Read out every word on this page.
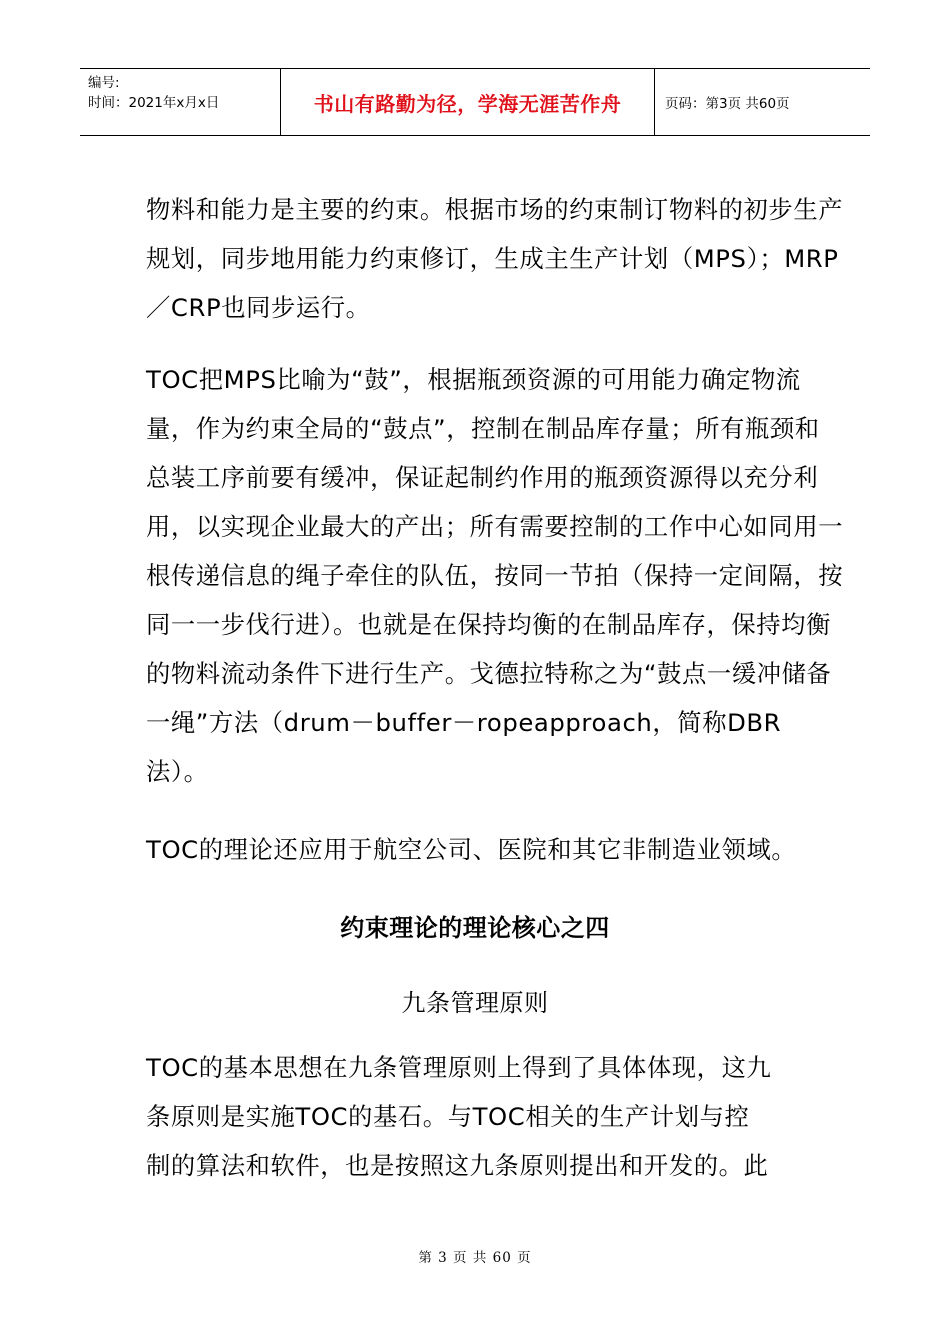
编号:
时间：2021年x月x日	书山有路勤为径，学海无涯苦作舟	页码：第3页 共60页

物料和能力是主要的约束。根据市场的约束制订物料的初步生产
规划，同步地用能力约束修订，生成主生产计划（MPS）；MRP
／CRP也同步运行。

TOC把MPS比喻为“鼓”，根据瓶颈资源的可用能力确定物流
量，作为约束全局的“鼓点”，控制在制品库存量；所有瓶颈和
总装工序前要有缓冲，保证起制约作用的瓶颈资源得以充分利
用，以实现企业最大的产出；所有需要控制的工作中心如同用一
根传递信息的绳子牵住的队伍，按同一节拍（保持一定间隔，按
同一一步伐行进）。也就是在保持均衡的在制品库存，保持均衡
的物料流动条件下进行生产。戈德拉特称之为“鼓点一缓冲储备
一绳”方法（drum－buffer－ropeapproach，简称DBR
法）。

TOC的理论还应用于航空公司、医院和其它非制造业领域。

约束理论的理论核心之四
九条管理原则

TOC的基本思想在九条管理原则上得到了具体体现，这九
条原则是实施TOC的基石。与TOC相关的生产计划与控
制的算法和软件，也是按照这九条原则提出和开发的。此

第 3 页 共 60 页
